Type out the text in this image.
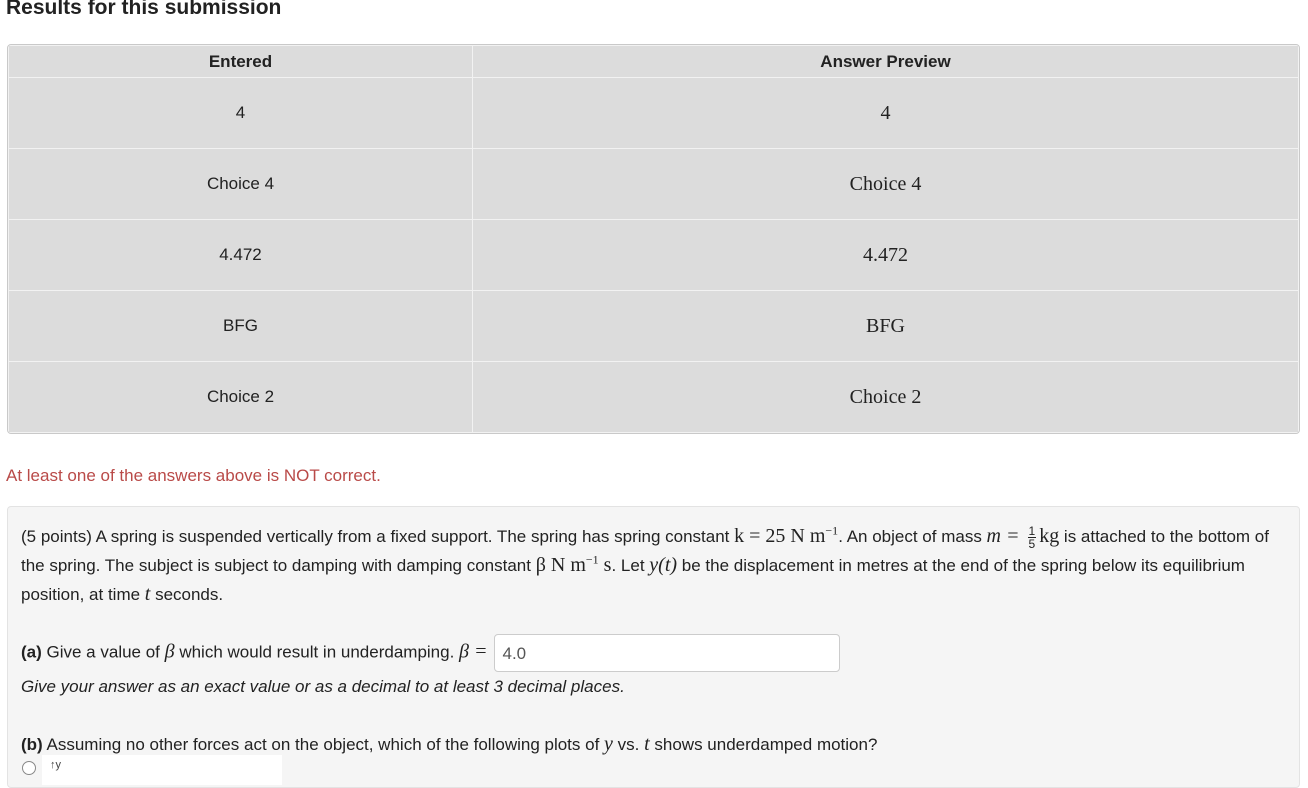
Results for this submission
Entered	Answer Preview
4	4
Choice 4	Choice 4
4.472	4.472
BFG	BFG
Choice 2	Choice 2
At least one of the answers above is NOT correct.
(5 points) A spring is suspended vertically from a fixed support. The spring has spring constant k = 25 N $m^{-1}$. An object of mass $m = \frac{1}{5}$ kg is attached to the bottom of the spring. The subject is subject to damping with damping constant β N $m^{-1}$ s. Let y(t) be the displacement in metres at the end of the spring below its equilibrium position, at time t seconds.
(a) Give a value of β which would result in underdamping. β = 4.0
Give your answer as an exact value or as a decimal to at least 3 decimal places.
(b) Assuming no other forces act on the object, which of the following plots of y vs. t shows underdamped motion?
↑y
